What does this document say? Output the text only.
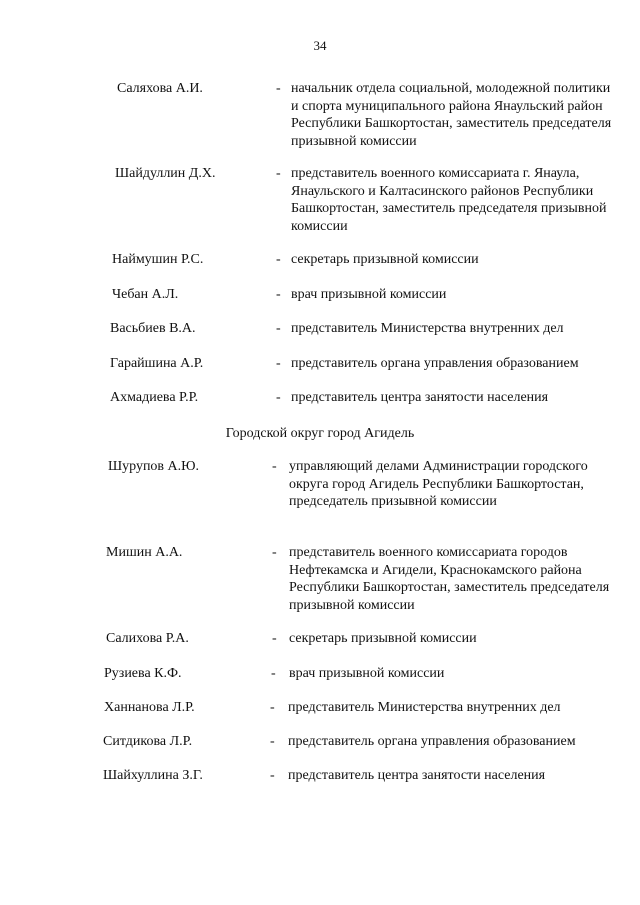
34
Саляхова А.И.	- начальник отдела социальной, молодежной политики и спорта муниципального района Янаульский район Республики Башкортостан, заместитель председателя призывной комиссии
Шайдуллин Д.Х.	- представитель военного комиссариата г. Янаула, Янаульского и Калтасинского районов Республики Башкортостан, заместитель председателя призывной комиссии
Наймушин Р.С.	- секретарь призывной комиссии
Чебан А.Л.	- врач призывной комиссии
Васьбиев В.А.	- представитель Министерства внутренних дел
Гарайшина А.Р.	- представитель органа управления образованием
Ахмадиева Р.Р.	- представитель центра занятости населения
Городской округ город Агидель
Шурупов А.Ю.	- управляющий делами Администрации городского округа город Агидель Республики Башкортостан, председатель призывной комиссии
Мишин А.А.	- представитель военного комиссариата городов Нефтекамска и Агидели, Краснокамского района Республики Башкортостан, заместитель председателя призывной комиссии
Салихова Р.А.	- секретарь призывной комиссии
Рузиева К.Ф.	- врач призывной комиссии
Ханнанова Л.Р.	- представитель Министерства внутренних дел
Ситдикова Л.Р.	- представитель органа управления образованием
Шайхуллина З.Г.	- представитель центра занятости населения
